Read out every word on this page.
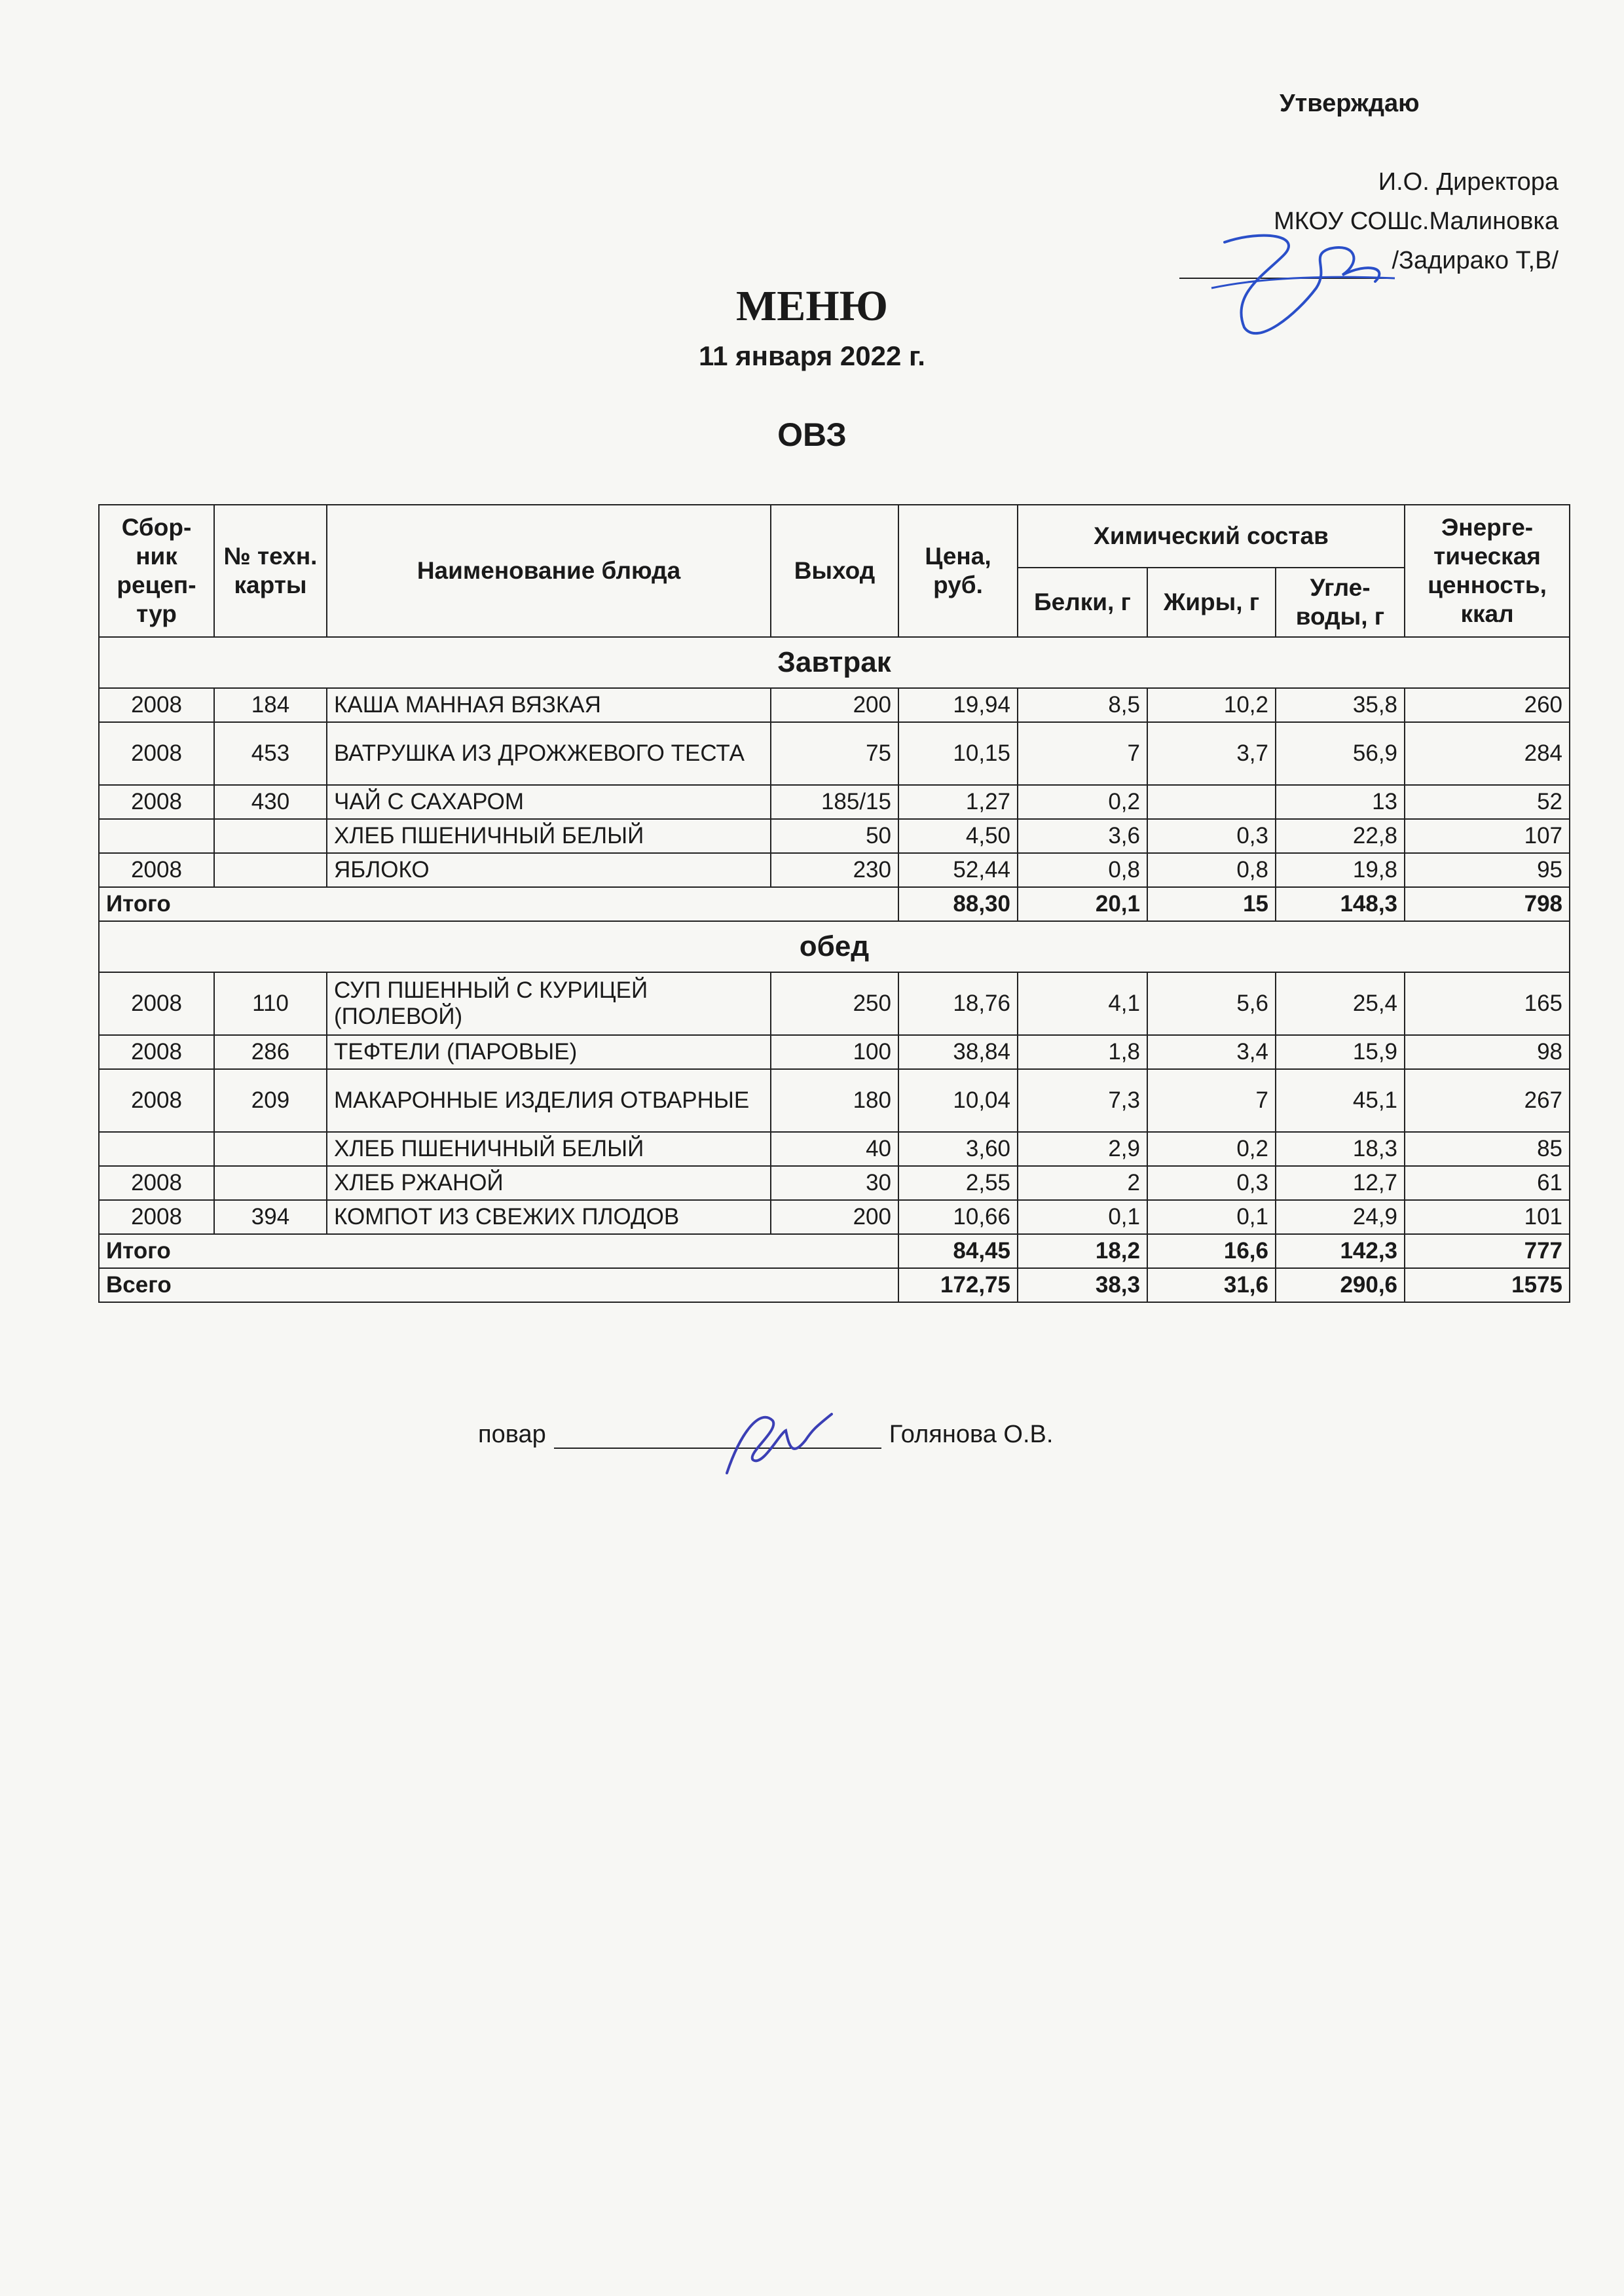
Утверждаю
И.О. Директора
МКОУ СОШс.Малиновка
/Задирако Т,В/
МЕНЮ
11 января 2022 г.
ОВЗ
Сбор-ник рецеп-тур	№ техн. карты	Наименование блюда	Выход	Цена, руб.	Химический состав			Энерге-тическая ценность, ккал
					Белки, г	Жиры, г	Угле-воды, г	
Завтрак								
2008	184	КАША МАННАЯ ВЯЗКАЯ	200	19,94	8,5	10,2	35,8	260
2008	453	ВАТРУШКА ИЗ ДРОЖЖЕВОГО ТЕСТА	75	10,15	7	3,7	56,9	284
2008	430	ЧАЙ С САХАРОМ	185/15	1,27	0,2		13	52
		ХЛЕБ ПШЕНИЧНЫЙ БЕЛЫЙ	50	4,50	3,6	0,3	22,8	107
2008		ЯБЛОКО	230	52,44	0,8	0,8	19,8	95
Итого				88,30	20,1	15	148,3	798
обед								
2008	110	СУП ПШЕННЫЙ С КУРИЦЕЙ (ПОЛЕВОЙ)	250	18,76	4,1	5,6	25,4	165
2008	286	ТЕФТЕЛИ (ПАРОВЫЕ)	100	38,84	1,8	3,4	15,9	98
2008	209	МАКАРОННЫЕ ИЗДЕЛИЯ ОТВАРНЫЕ	180	10,04	7,3	7	45,1	267
		ХЛЕБ ПШЕНИЧНЫЙ БЕЛЫЙ	40	3,60	2,9	0,2	18,3	85
2008		ХЛЕБ РЖАНОЙ	30	2,55	2	0,3	12,7	61
2008	394	КОМПОТ ИЗ СВЕЖИХ ПЛОДОВ	200	10,66	0,1	0,1	24,9	101
Итого				84,45	18,2	16,6	142,3	777
Всего				172,75	38,3	31,6	290,6	1575
повар	Голянова О.В.
